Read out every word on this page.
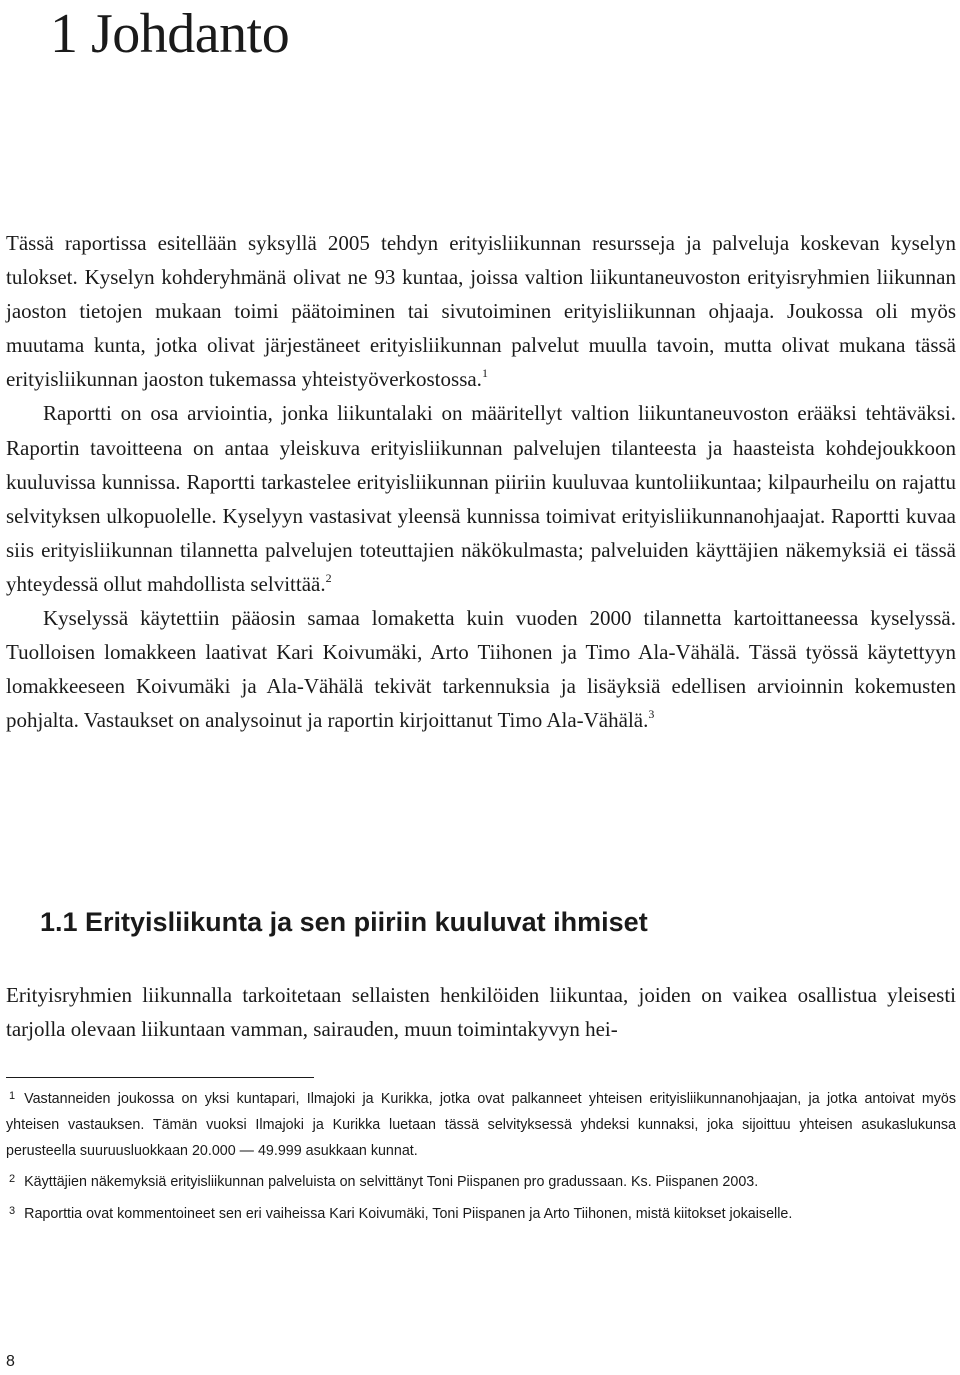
1 Johdanto

Tässä raportissa esitellään syksyllä 2005 tehdyn erityisliikunnan resursseja ja palveluja koskevan kyselyn tulokset. Kyselyn kohderyhmänä olivat ne 93 kuntaa, joissa valtion liikuntaneuvoston erityisryhmien liikunnan jaoston tietojen mukaan toimi päätoiminen tai sivutoiminen erityisliikunnan ohjaaja. Joukossa oli myös muutama kunta, jotka olivat järjestäneet erityisliikunnan palvelut muulla tavoin, mutta olivat mukana tässä erityisliikunnan jaoston tukemassa yhteistyöverkostossa.$^1$

Raportti on osa arviointia, jonka liikuntalaki on määritellyt valtion liikuntaneuvoston erääksi tehtäväksi. Raportin tavoitteena on antaa yleiskuva erityisliikunnan palvelujen tilanteesta ja haasteista kohdejoukkoon kuuluvissa kunnissa. Raportti tarkastelee erityisliikunnan piiriin kuuluvaa kuntoliikuntaa; kilpaurheilu on rajattu selvityksen ulkopuolelle. Kyselyyn vastasivat yleensä kunnissa toimivat erityisliikunnanohjaajat. Raportti kuvaa siis erityisliikunnan tilannetta palvelujen toteuttajien näkökulmasta; palveluiden käyttäjien näkemyksiä ei tässä yhteydessä ollut mahdollista selvittää.$^2$

Kyselyssä käytettiin pääosin samaa lomaketta kuin vuoden 2000 tilannetta kartoittaneessa kyselyssä. Tuolloisen lomakkeen laativat Kari Koivumäki, Arto Tiihonen ja Timo Ala-Vähälä. Tässä työssä käytettyyn lomakkeeseen Koivumäki ja Ala-Vähälä tekivät tarkennuksia ja lisäyksiä edellisen arvioinnin kokemusten pohjalta. Vastaukset on analysoinut ja raportin kirjoittanut Timo Ala-Vähälä.$^3$

1.1 Erityisliikunta ja sen piiriin kuuluvat ihmiset

Erityisryhmien liikunnalla tarkoitetaan sellaisten henkilöiden liikuntaa, joiden on vaikea osallistua yleisesti tarjolla olevaan liikuntaan vamman, sairauden, muun toimintakyvyn hei-

$^1$ Vastanneiden joukossa on yksi kuntapari, Ilmajoki ja Kurikka, jotka ovat palkanneet yhteisen erityisliikunnanohjaajan, ja jotka antoivat myös yhteisen vastauksen. Tämän vuoksi Ilmajoki ja Kurikka luetaan tässä selvityksessä yhdeksi kunnaksi, joka sijoittuu yhteisen asukaslukunsa perusteella suuruusluokkaan 20.000 — 49.999 asukkaan kunnat.

$^2$ Käyttäjien näkemyksiä erityisliikunnan palveluista on selvittänyt Toni Piispanen pro gradussaan. Ks. Piispanen 2003.

$^3$ Raporttia ovat kommentoineet sen eri vaiheissa Kari Koivumäki, Toni Piispanen ja Arto Tiihonen, mistä kiitokset jokaiselle.

8
